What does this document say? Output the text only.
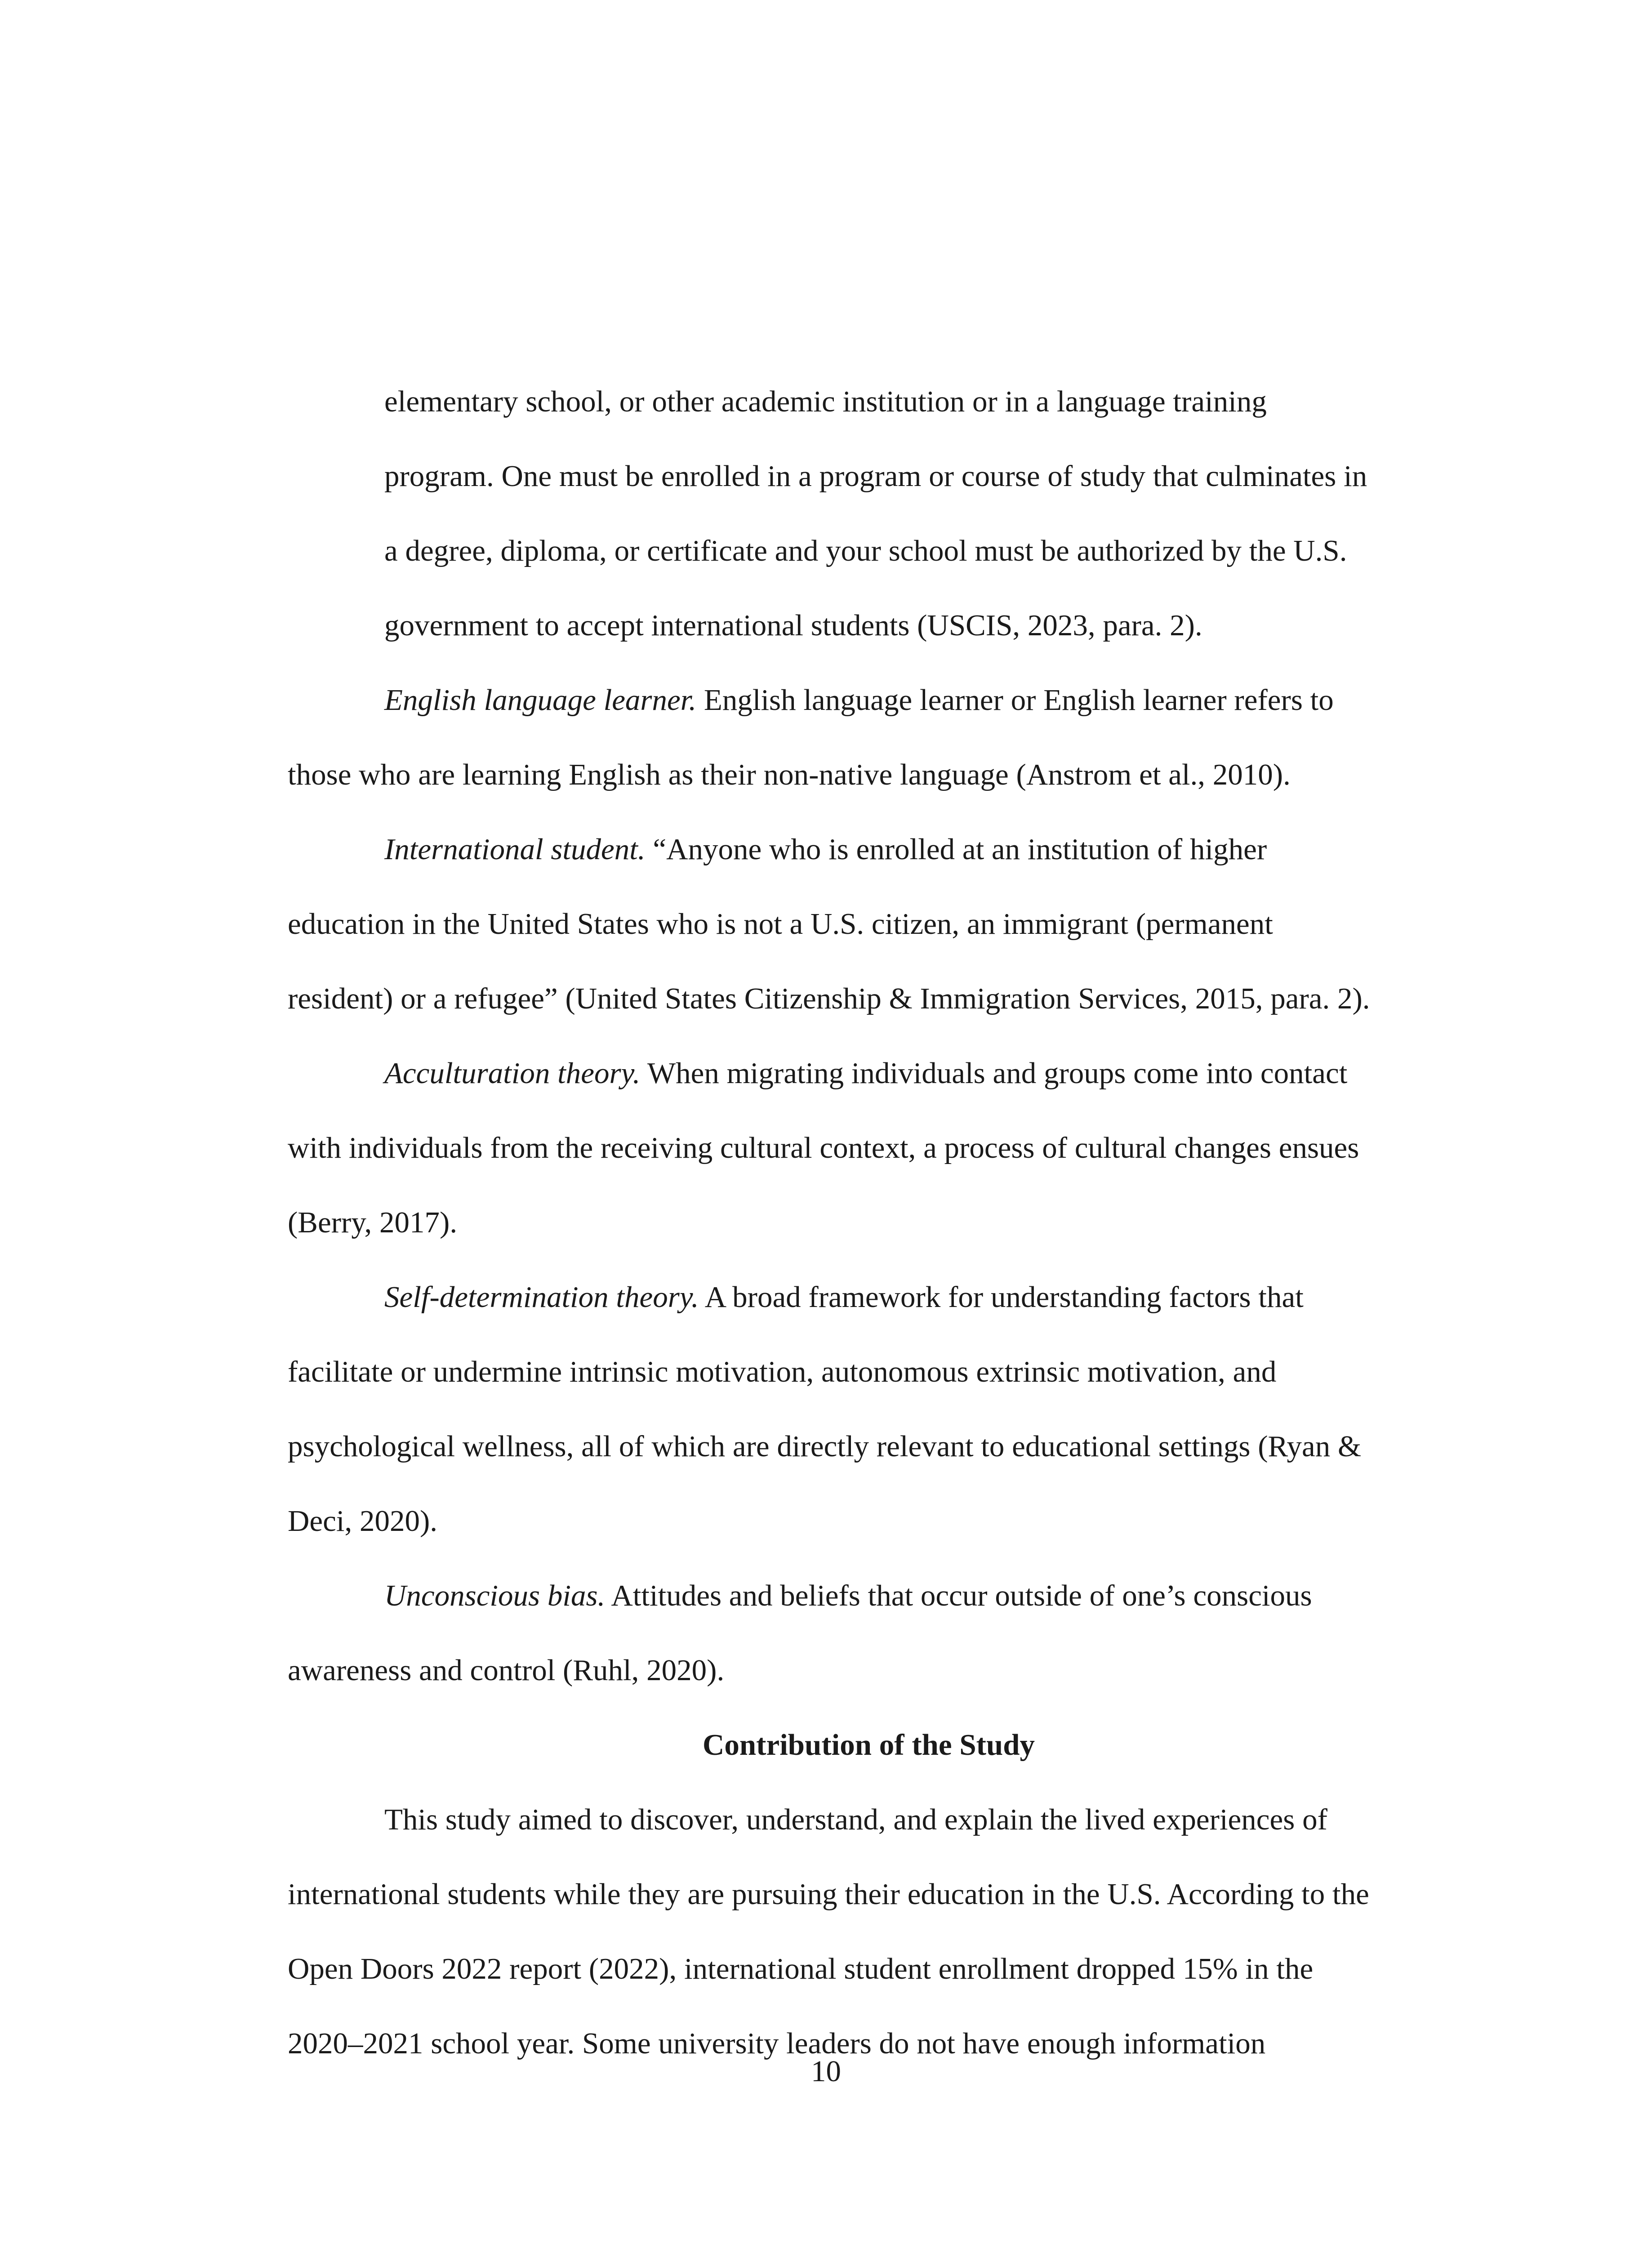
elementary school, or other academic institution or in a language training

program. One must be enrolled in a program or course of study that culminates in

a degree, diploma, or certificate and your school must be authorized by the U.S.

government to accept international students (USCIS, 2023, para. 2).

English language learner. English language learner or English learner refers to

those who are learning English as their non-native language (Anstrom et al., 2010).

International student. “Anyone who is enrolled at an institution of higher

education in the United States who is not a U.S. citizen, an immigrant (permanent

resident) or a refugee” (United States Citizenship & Immigration Services, 2015, para. 2).

Acculturation theory. When migrating individuals and groups come into contact

with individuals from the receiving cultural context, a process of cultural changes ensues

(Berry, 2017).

Self-determination theory. A broad framework for understanding factors that

facilitate or undermine intrinsic motivation, autonomous extrinsic motivation, and

psychological wellness, all of which are directly relevant to educational settings (Ryan &

Deci, 2020).

Unconscious bias. Attitudes and beliefs that occur outside of one’s conscious

awareness and control (Ruhl, 2020).

Contribution of the Study

This study aimed to discover, understand, and explain the lived experiences of

international students while they are pursuing their education in the U.S. According to the

Open Doors 2022 report (2022), international student enrollment dropped 15% in the

2020–2021 school year. Some university leaders do not have enough information

10
